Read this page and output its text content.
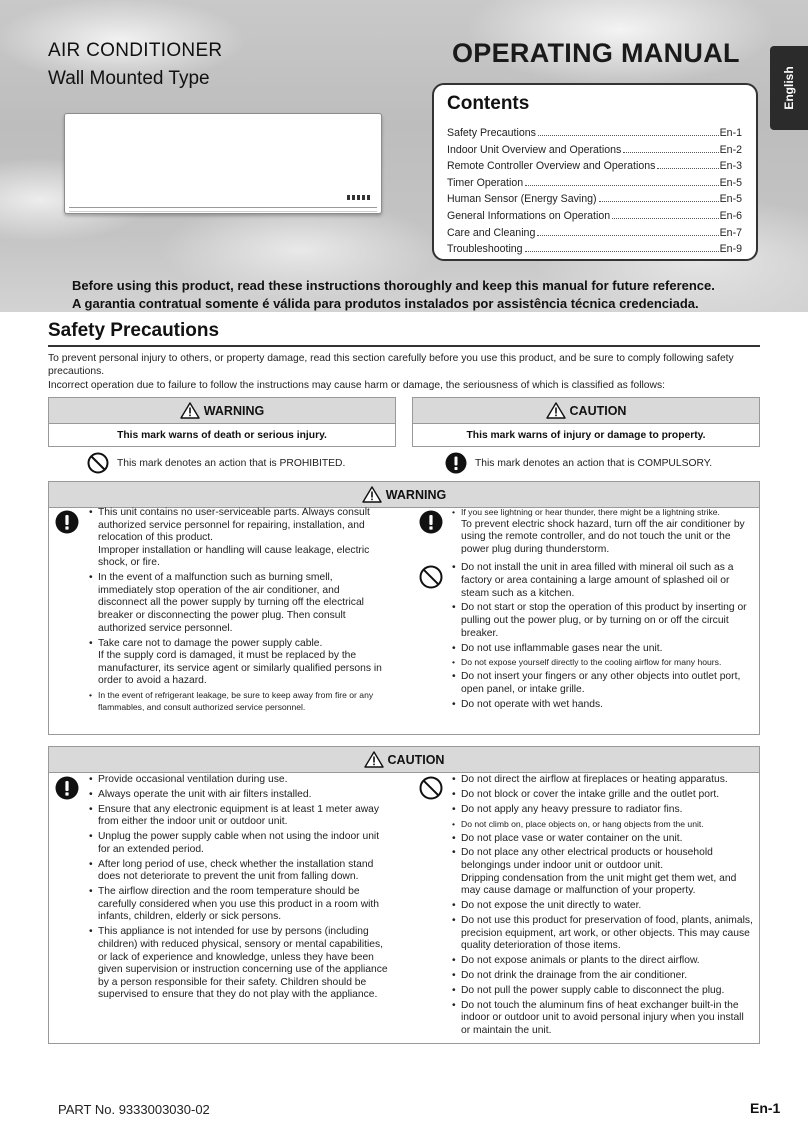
AIR CONDITIONER
Wall Mounted Type
OPERATING MANUAL
English
Contents
Safety Precautions	En-1
Indoor Unit Overview and Operations	En-2
Remote Controller Overview and Operations	En-3
Timer Operation	En-5
Human Sensor (Energy Saving)	En-5
General Informations on Operation	En-6
Care and Cleaning	En-7
Troubleshooting	En-9
Before using this product, read these instructions thoroughly and keep this manual for future reference.
A garantia contratual somente é válida para produtos instalados por assistência técnica credenciada.
Safety Precautions
To prevent personal injury to others, or property damage, read this section carefully before you use this product, and be sure to comply following safety precautions.
Incorrect operation due to failure to follow the instructions may cause harm or damage, the seriousness of which is classified as follows:
WARNING
This mark warns of death or serious injury.
CAUTION
This mark warns of injury or damage to property.
This mark denotes an action that is PROHIBITED.	This mark denotes an action that is COMPULSORY.
WARNING
• This unit contains no user-serviceable parts. Always consult authorized service personnel for repairing, installation, and relocation of this product.
Improper installation or handling will cause leakage, electric shock, or fire.
• In the event of a malfunction such as burning smell, immediately stop operation of the air conditioner, and disconnect all the power supply by turning off the electrical breaker or disconnecting the power plug. Then consult authorized service personnel.
• Take care not to damage the power supply cable.
If the supply cord is damaged, it must be replaced by the manufacturer, its service agent or similarly qualified persons in order to avoid a hazard.
• In the event of refrigerant leakage, be sure to keep away from fire or any flammables, and consult authorized service personnel.
• If you see lightning or hear thunder, there might be a lightning strike.
To prevent electric shock hazard, turn off the air conditioner by using the remote controller, and do not touch the unit or the power plug during thunderstorm.
• Do not install the unit in area filled with mineral oil such as a factory or area containing a large amount of splashed oil or steam such as a kitchen.
• Do not start or stop the operation of this product by inserting or pulling out the power plug, or by turning on or off the circuit breaker.
• Do not use inflammable gases near the unit.
• Do not expose yourself directly to the cooling airflow for many hours.
• Do not insert your fingers or any other objects into outlet port, open panel, or intake grille.
• Do not operate with wet hands.
CAUTION
• Provide occasional ventilation during use.
• Always operate the unit with air filters installed.
• Ensure that any electronic equipment is at least 1 meter away from either the indoor unit or outdoor unit.
• Unplug the power supply cable when not using the indoor unit for an extended period.
• After long period of use, check whether the installation stand does not deteriorate to prevent the unit from falling down.
• The airflow direction and the room temperature should be carefully considered when you use this product in a room with infants, children, elderly or sick persons.
• This appliance is not intended for use by persons (including children) with reduced physical, sensory or mental capabilities, or lack of experience and knowledge, unless they have been given supervision or instruction concerning use of the appliance by a person responsible for their safety. Children should be supervised to ensure that they do not play with the appliance.
• Do not direct the airflow at fireplaces or heating apparatus.
• Do not block or cover the intake grille and the outlet port.
• Do not apply any heavy pressure to radiator fins.
• Do not climb on, place objects on, or hang objects from the unit.
• Do not place vase or water container on the unit.
• Do not place any other electrical products or household belongings under indoor unit or outdoor unit.
Dripping condensation from the unit might get them wet, and may cause damage or malfunction of your property.
• Do not expose the unit directly to water.
• Do not use this product for preservation of food, plants, animals, precision equipment, art work, or other objects. This may cause quality deterioration of those items.
• Do not expose animals or plants to the direct airflow.
• Do not drink the drainage from the air conditioner.
• Do not pull the power supply cable to disconnect the plug.
• Do not touch the aluminum fins of heat exchanger built-in the indoor or outdoor unit to avoid personal injury when you install or maintain the unit.
PART No. 9333003030-02	En-1
